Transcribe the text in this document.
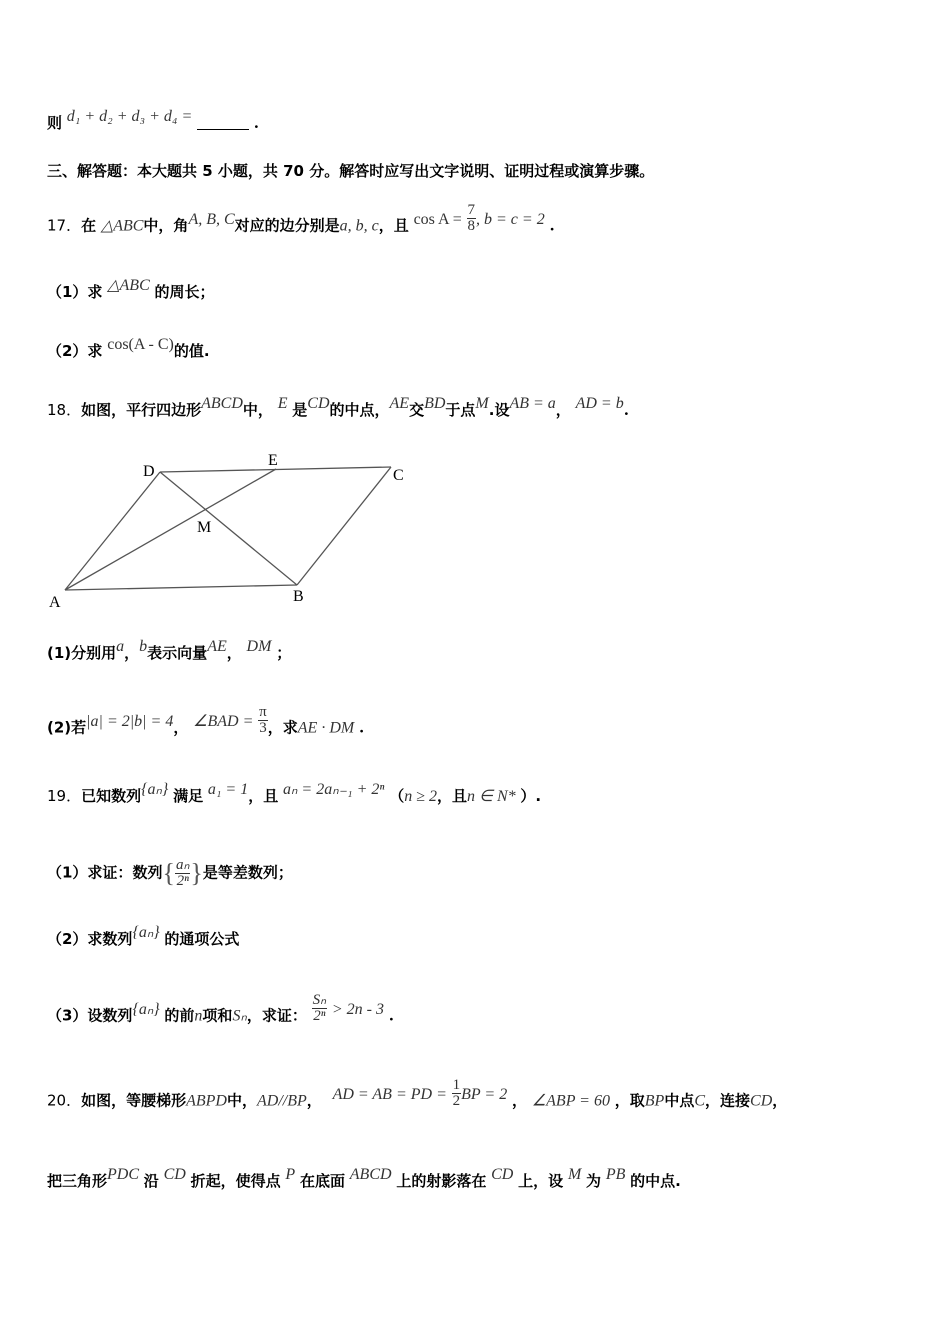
则 d₁ + d₂ + d₃ + d₄ =	.
三、解答题：本大题共 5 小题，共 70 分。解答时应写出文字说明、证明过程或演算步骤。
17．在 △ABC中，角A, B, C对应的边分别是a, b, c，且 $\cos A = \frac{7}{8}$ , b = c = 2 .
（1）求 △ABC 的周长；
（2）求 cos(A - C)的值.
18．如图，平行四边形ABCD中， E 是CD的中点，AE交BD于点M.设AB = a， AD = b.
D
E
C
M
A	B
(1)分别用a，b表示向量AE， DM ；
(2)若|a| = 2|b| = 4， ∠BAD = $\frac{\pi}{3}$ ，求AE · DM .
19．已知数列{aₙ} 满足 a₁ = 1，且 aₙ = 2aₙ₋₁ + 2ⁿ （n ≥ 2，且n ∈ N* ）.
（1）求证：数列{ $\frac{\text{aₙ}}{\text{2ⁿ}}$ }是等差数列；
（2）求数列{aₙ} 的通项公式
（3）设数列{aₙ} 的前n项和Sₙ，求证： $\frac{\text{Sₙ}}{\text{2ⁿ}} > 2n - 3$ .
20．如图，等腰梯形ABPD中，AD//BP， AD = AB = PD = $\frac{1}{2}$ BP = 2 ， ∠ABP = 60 ，取BP中点C，连接CD，
把三角形PDC 沿 CD 折起，使得点 P 在底面 ABCD 上的射影落在 CD 上，设 M 为 PB 的中点.
